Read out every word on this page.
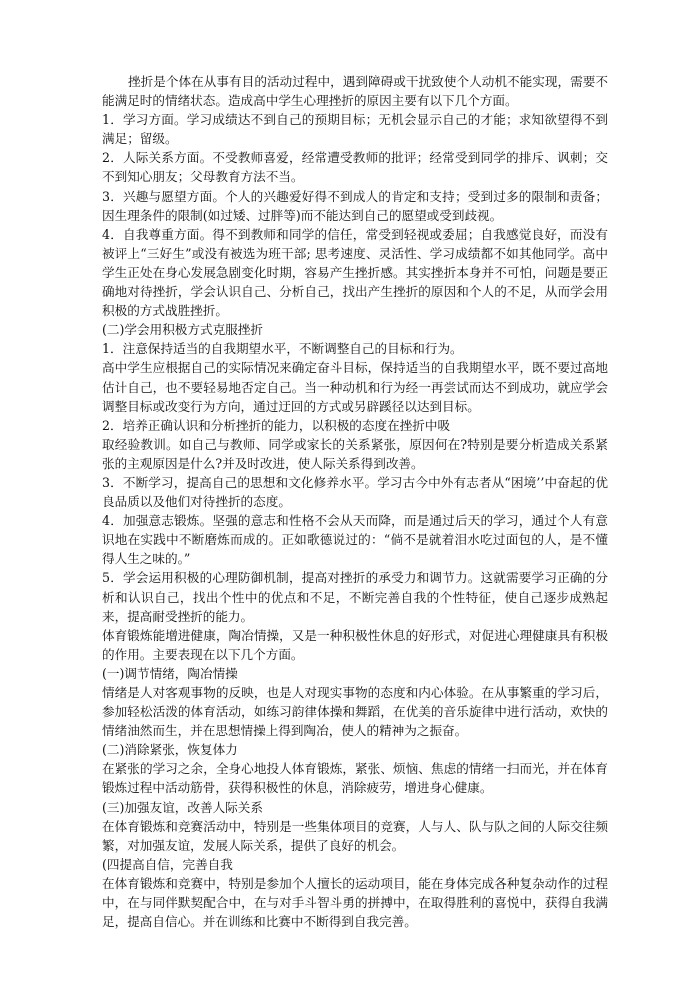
挫折是个体在从事有目的活动过程中，遇到障碍或干扰致使个人动机不能实现，需要不能满足时的情绪状态。造成高中学生心理挫折的原因主要有以下几个方面。

1．学习方面。学习成绩达不到自己的预期目标；无机会显示自己的才能；求知欲望得不到满足；留级。

2．人际关系方面。不受教师喜爱，经常遭受教师的批评；经常受到同学的排斥、讽刺；交不到知心朋友；父母教育方法不当。

3．兴趣与愿望方面。个人的兴趣爱好得不到成人的肯定和支持；受到过多的限制和责备；因生理条件的限制(如过矮、过胖等)而不能达到自己的愿望或受到歧视。

4．自我尊重方面。得不到教师和同学的信任，常受到轻视或委屈；自我感觉良好，而没有被评上“三好生”或没有被选为班干部; 思考速度、灵活性、学习成绩都不如其他同学。高中学生正处在身心发展急剧变化时期，容易产生挫折感。其实挫折本身并不可怕，问题是要正确地对待挫折，学会认识自己、分析自己，找出产生挫折的原因和个人的不足，从而学会用积极的方式战胜挫折。

(二)学会用积极方式克服挫折

1．注意保持适当的自我期望水平，不断调整自己的目标和行为。

高中学生应根据自己的实际情况来确定奋斗目标，保持适当的自我期望水平，既不要过高地估计自己，也不要轻易地否定自己。当一种动机和行为经一再尝试而达不到成功，就应学会调整目标或改变行为方向，通过迂回的方式或另辟蹊径以达到目标。

2．培养正确认识和分析挫折的能力，以积极的态度在挫折中吸

取经验教训。如自己与教师、同学或家长的关系紧张，原因何在?特别是要分析造成关系紧张的主观原因是什么?并及时改进，使人际关系得到改善。

3．不断学习，提高自己的思想和文化修养水平。学习古今中外有志者从“困境’’中奋起的优良品质以及他们对待挫折的态度。

4．加强意志锻炼。坚强的意志和性格不会从天而降，而是通过后天的学习，通过个人有意识地在实践中不断磨炼而成的。正如歌德说过的：“倘不是就着泪水吃过面包的人，是不懂得人生之味的。”

5．学会运用积极的心理防御机制，提高对挫折的承受力和调节力。这就需要学习正确的分析和认识自己，找出个性中的优点和不足，不断完善自我的个性特征，使自己逐步成熟起来，提高耐受挫折的能力。

体育锻炼能增进健康，陶冶情操，又是一种积极性休息的好形式，对促进心理健康具有积极的作用。主要表现在以下几个方面。

(一)调节情绪，陶冶情操

情绪是人对客观事物的反映，也是人对现实事物的态度和内心体验。在从事繁重的学习后，参加轻松活泼的体育活动，如练习韵律体操和舞蹈，在优美的音乐旋律中进行活动，欢快的情绪油然而生，并在思想情操上得到陶冶，使人的精神为之振奋。

(二)消除紧张，恢复体力

在紧张的学习之余，全身心地投人体育锻炼，紧张、烦恼、焦虑的情绪一扫而光，并在体育锻炼过程中活动筋骨，获得积极性的休息，消除疲劳，增进身心健康。

(三)加强友谊，改善人际关系

在体育锻炼和竞赛活动中，特别是一些集体项目的竞赛，人与人、队与队之间的人际交往频繁，对加强友谊，发展人际关系，提供了良好的机会。

(四提高自信，完善自我

在体育锻炼和竞赛中，特别是参加个人擅长的运动项目，能在身体完成各种复杂动作的过程中，在与同伴默契配合中，在与对手斗智斗勇的拼搏中，在取得胜利的喜悦中，获得自我满足，提高自信心。并在训练和比赛中不断得到自我完善。
